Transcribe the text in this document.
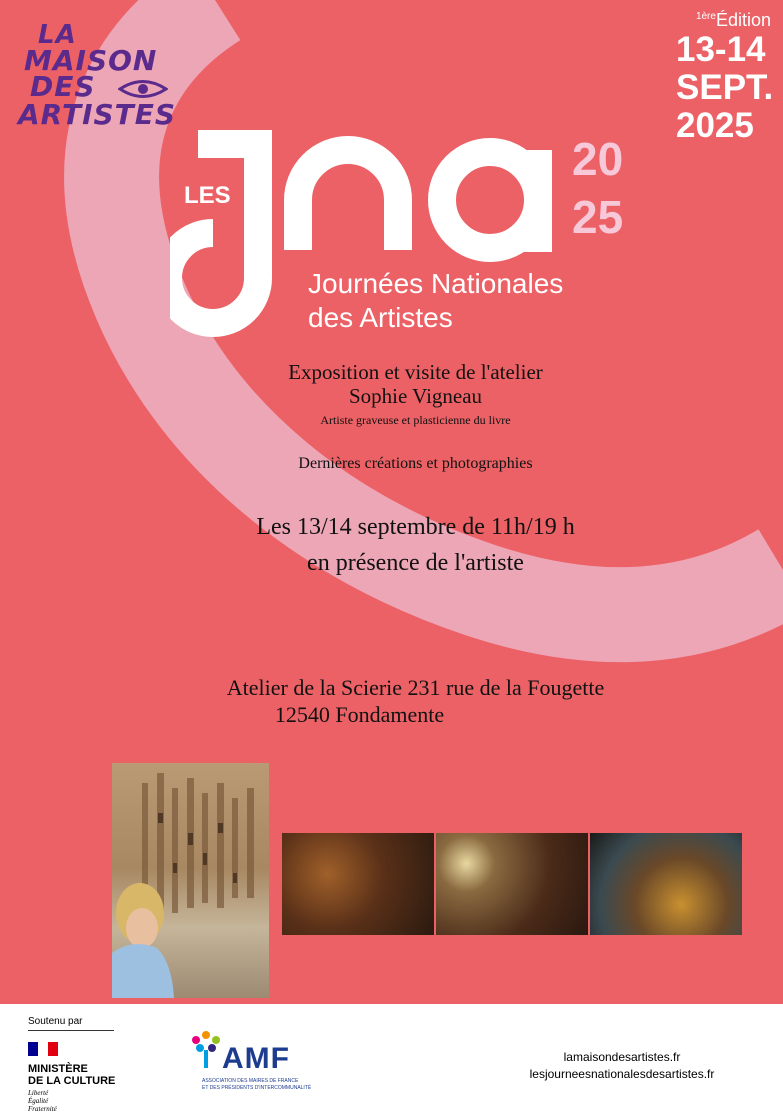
LA
MAISON
DES
ARTISTES
$^{1ère}$Édition
13-14
SEPT.
2025
LES
20
25
Journées Nationales
des Artistes
Exposition et visite de l'atelier
Sophie Vigneau
Artiste graveuse et plasticienne du livre
Dernières créations et photographies
Les 13/14 septembre de 11h/19 h
en présence de l'artiste
Atelier de la Scierie 231 rue de la Fougette
12540 Fondamente
Soutenu par
MINISTÈRE
DE LA CULTURE
Liberté
Égalité
Fraternité
AMF
ASSOCIATION DES MAIRES DE FRANCE
ET DES PRÉSIDENTS D'INTERCOMMUNALITÉ
lamaisondesartistes.fr
lesjourneesnationalesdesartistes.fr
